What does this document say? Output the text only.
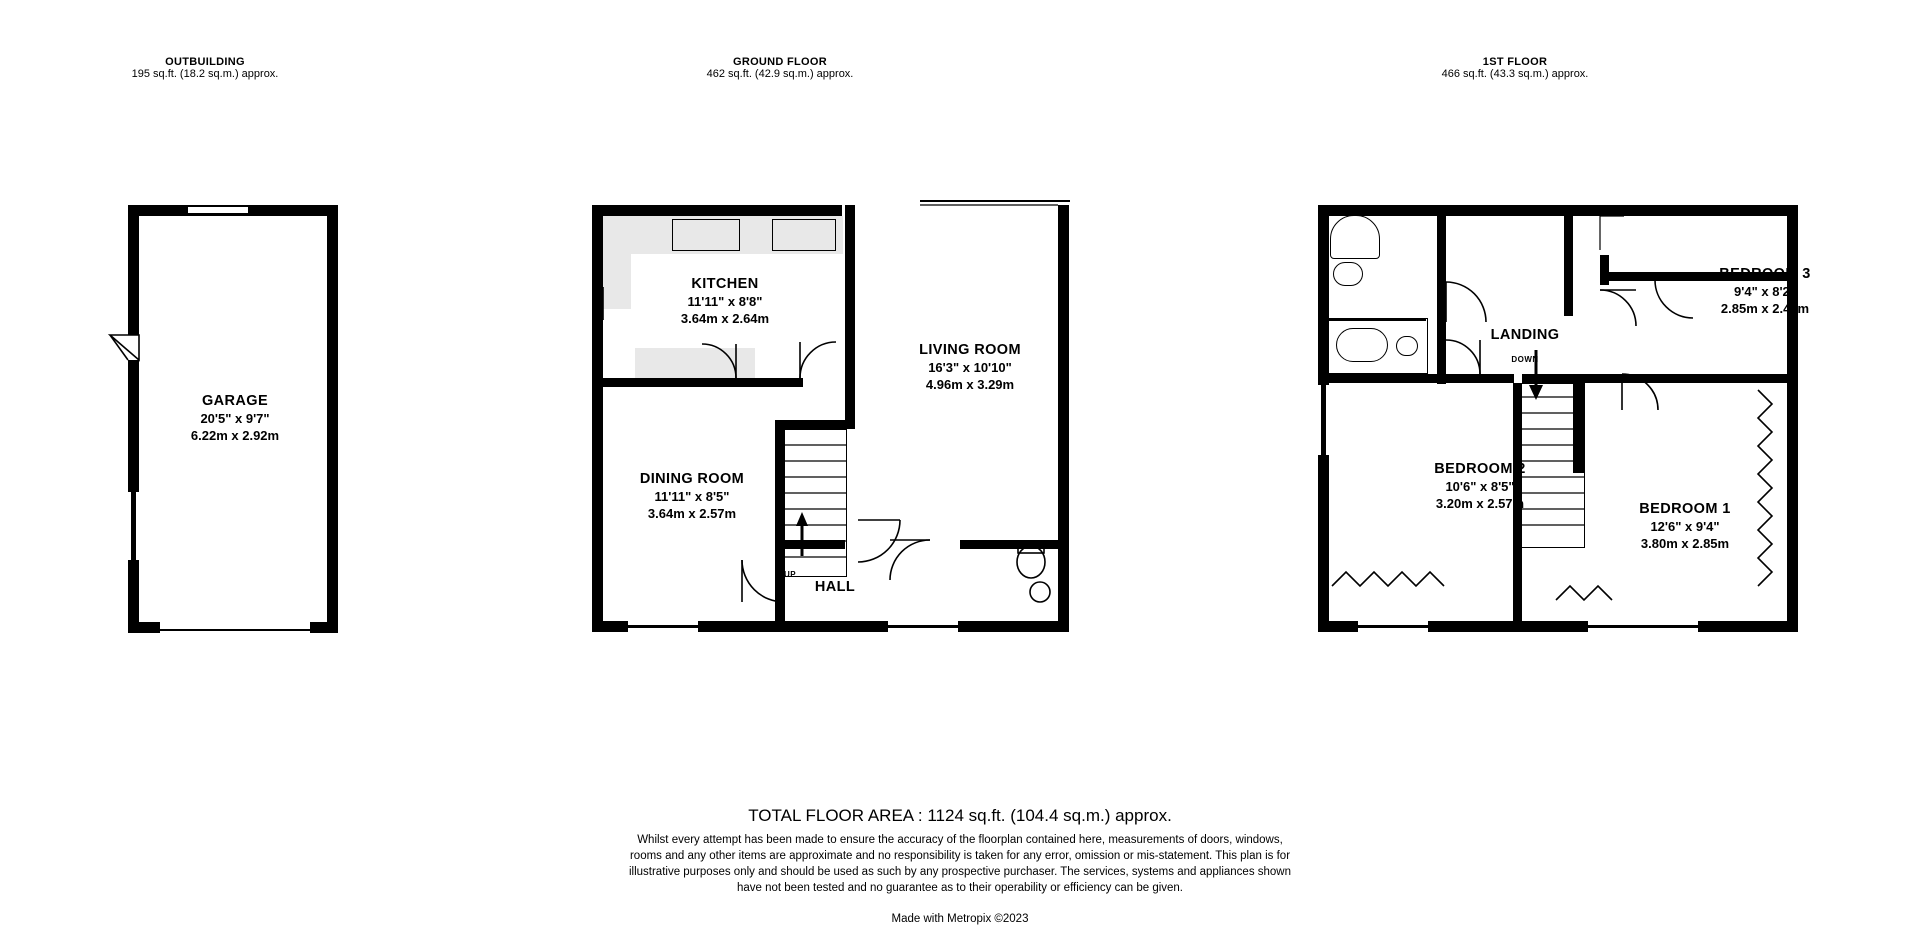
OUTBUILDING
195 sq.ft. (18.2 sq.m.) approx.
GROUND FLOOR
462 sq.ft. (42.9 sq.m.) approx.
1ST FLOOR
466 sq.ft. (43.3 sq.m.) approx.
GARAGE
20'5" x 9'7"
6.22m x 2.92m
KITCHEN
11'11" x 8'8"
3.64m x 2.64m
LIVING ROOM
16'3" x 10'10"
4.96m x 3.29m
DINING ROOM
11'11" x 8'5"
3.64m x 2.57m
HALL
UP
BEDROOM 3
9'4" x 8'2"
2.85m x 2.49m
LANDING
DOWN
BEDROOM 2
10'6" x 8'5"
3.20m x 2.57m	BEDROOM 1
12'6" x 9'4"
3.80m x 2.85m
TOTAL FLOOR AREA : 1124 sq.ft. (104.4 sq.m.) approx.
Whilst every attempt has been made to ensure the accuracy of the floorplan contained here, measurements of doors, windows, rooms and any other items are approximate and no responsibility is taken for any error, omission or mis-statement. This plan is for illustrative purposes only and should be used as such by any prospective purchaser. The services, systems and appliances shown have not been tested and no guarantee as to their operability or efficiency can be given.
Made with Metropix ©2023
